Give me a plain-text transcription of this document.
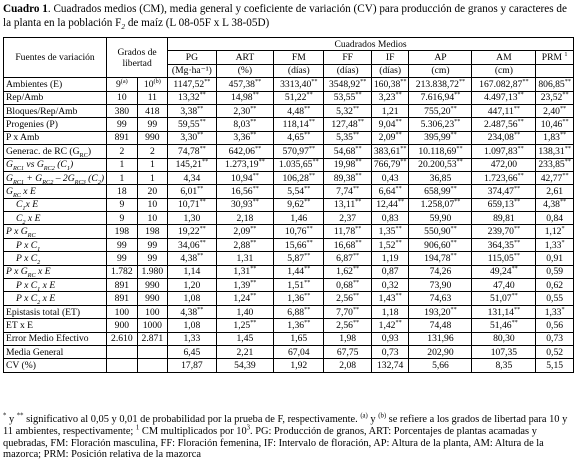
Cuadro 1. Cuadrados medios (CM), media general y coeficiente de variación (CV) para producción de granos y caracteres de la planta en la población $F_2$ de maíz (L 08-05F x L 38-05D)
Fuentes de variación	Grados de libertad		Cuadrados Medios							
			PG	ART	FM	FF	IF	AP	AM	PRM $^1$
			(Mg·ha⁻¹)	(%)	(días)	(días)	(días)	(cm)	(cm)	
Ambientes (E)	9$^{(a)}$	10$^{(b)}$	1147,52**	457,38**	3313,40**	3548,92**	160,38**	213.838,72**	167.082,87**	806,85**
Rep/Amb	10	11	13,32**	14,98**	51,22**	53,55**	3,23**	7.616,94**	4.497,13**	23,52**
Bloques/Rep/Amb	380	418	3,38**	2,30**	4,48**	5,32**	1,21	755,20**	447,11**	2,40**
Progenies (P)	99	99	59,55**	8,03**	118,14**	127,48**	9,04**	5.306,23**	2.487,56**	10,46**
P x Amb	891	990	3,30**	3,36**	4,65**	5,35**	2,09**	395,99**	234,08**	1,83**
Generac. de RC $(G_{RC})$	2	2	74,78**	642,06**	570,97**	54,68**	383,61**	10.118,69**	1.097,83**	138,31**
$G_{RC1}$ vs $G_{RC2}$ $(C_1)$	1	1	145,21**	1.273,19**	1.035,65**	19,98**	766,79**	20.200,53**	472,00	233,85**
$G_{RC1} + G_{RC2} - 2G_{RC3}$ $(C_2)$	1	1	4,34	10,94**	106,28**	89,38**	0,43	36,85	1.723,66**	42,77**
$G_{RC}$ x E	18	20	6,01**	16,56**	5,54**	7,74**	6,64**	658,99**	374,47**	2,61
$C_1x$ E	9	10	10,71**	30,93**	9,62**	13,11**	12,44**	1.258,07**	659,13**	4,38**
$C_2$ x E	9	10	1,30	2,18	1,46	2,37	0,83	59,90	89,81	0,84
P x $G_{RC}$	198	198	19,22**	2,09**	10,76**	11,78**	1,35**	550,90**	239,70**	1,12*
P x $C_1$	99	99	34,06**	2,88**	15,66**	16,68**	1,52**	906,60**	364,35**	1,33*
P x $C_2$	99	99	4,38**	1,31	5,87**	6,87**	1,19	194,78**	115,05**	0,91
P x $G_{RC}$ x E	1.782	1.980	1,14	1,31**	1,44**	1,62**	0,87	74,26	49,24**	0,59
P x $C_1$ x E	891	990	1,20	1,39**	1,51**	0,68**	0,32	73,90	47,40	0,62
P x $C_2$ x E	891	990	1,08	1,24**	1,36**	2,56**	1,43**	74,63	51,07**	0,55
Epistasis total (ET)	100	100	4,38**	1,40	6,88**	7,70**	1,18	193,20**	131,14**	1,33*
ET x E	900	1000	1,08	1,25**	1,36**	2,56**	1,42**	74,48	51,46**	0,56
Error Medio Efectivo	2.610	2.871	1,33	1,45	1,65	1,98	0,93	131,96	80,30	0,73
Media General			6,45	2,21	67,04	67,75	0,73	202,90	107,35	0,52
CV (%)			17,87	54,39	1,92	2,08	132,74	5,66	8,35	5,15
* y ** significativo al 0,05 y 0,01 de probabilidad por la prueba de F, respectivamente. $^{(a)}$ y $^{(b)}$ se refiere a los grados de libertad para 10 y 11 ambientes, respectivamente; $^1$ CM multiplicados por $10^3$. PG: Producción de granos, ART: Porcentajes de plantas acamadas y quebradas, FM: Floración masculina, FF: Floración femenina, IF: Intervalo de floración, AP: Altura de la planta, AM: Altura de la mazorca; PRM: Posición relativa de la mazorca
